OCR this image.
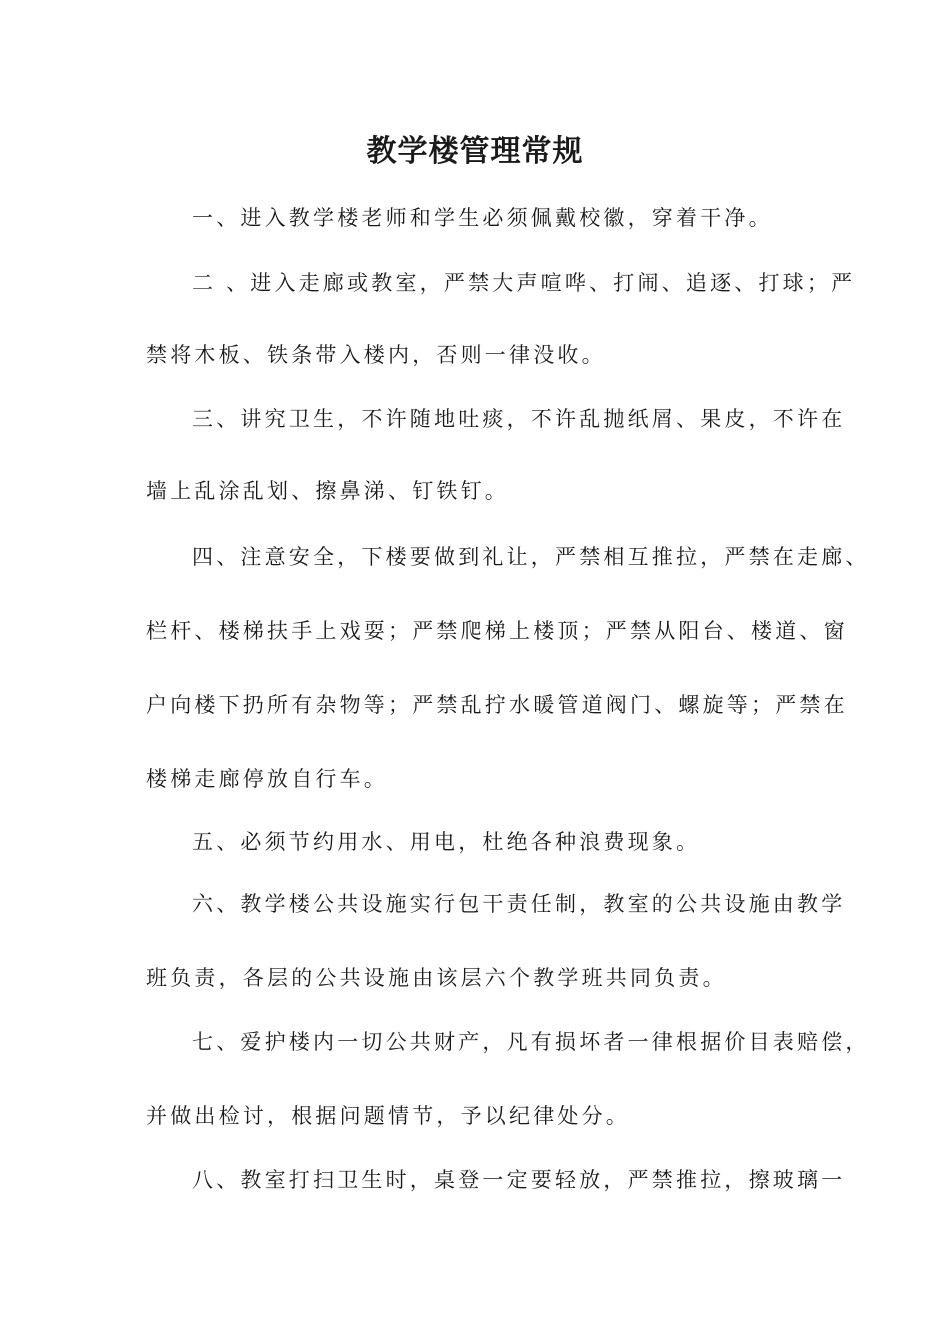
教学楼管理常规
一、进入教学楼老师和学生必须佩戴校徽，穿着干净。
二 、进入走廊或教室，严禁大声喧哗、打闹、追逐、打球；严
禁将木板、铁条带入楼内，否则一律没收。
三、讲究卫生，不许随地吐痰，不许乱抛纸屑、果皮，不许在
墙上乱涂乱划、擦鼻涕、钉铁钉。
四、注意安全，下楼要做到礼让，严禁相互推拉，严禁在走廊、
栏杆、楼梯扶手上戏耍；严禁爬梯上楼顶；严禁从阳台、楼道、窗
户向楼下扔所有杂物等；严禁乱拧水暖管道阀门、螺旋等；严禁在
楼梯走廊停放自行车。
五、必须节约用水、用电，杜绝各种浪费现象。
六、教学楼公共设施实行包干责任制，教室的公共设施由教学
班负责，各层的公共设施由该层六个教学班共同负责。
七、爱护楼内一切公共财产，凡有损坏者一律根据价目表赔偿，
并做出检讨，根据问题情节，予以纪律处分。
八、教室打扫卫生时，桌登一定要轻放，严禁推拉，擦玻璃一
